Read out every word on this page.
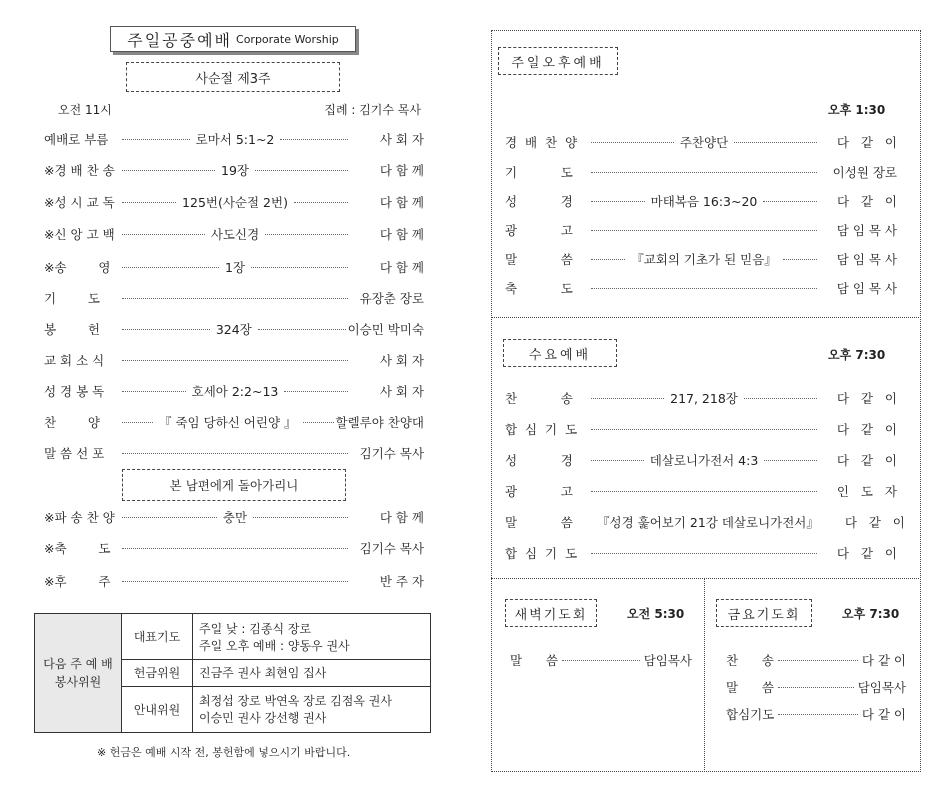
주일공중예배 Corporate Worship
사순절 제3주
오전 11시	집례 : 김기수 목사
예배로 부름	로마서 5:1~2	사 회 자
※경 배 찬 송	19장	다 함 께
※성 시 교 독	125번(사순절 2번)	다 함 께
※신 앙 고 백	사도신경	다 함 께
※송        영	1장	다 함 께
기        도	유장춘 장로
봉        헌	324장	이승민 박미숙
교 회 소 식	사 회 자
성 경 봉 독	호세아 2:2~13	사 회 자
찬        양	『 죽임 당하신 어린양 』	할렐루야 찬양대
말 씀 선 포	김기수 목사
본 남편에게 돌아가리니
※파 송 찬 양	충만	다 함 께
※축        도	김기수 목사
※후        주	반 주 자
다음 주 예 배 봉사위원	대표기도	주일 낮 : 김종식 장로
주일 오후 예배 : 양동우 권사

	헌금위원	진금주 권사 최현임 집사

	안내위원	최정섭 장로 박연옥 장로 김점옥 권사
이승민 권사 강선행 권사
※ 헌금은 예배 시작 전, 봉헌함에 넣으시기 바랍니다.
주일오후예배
오후 1:30
경  배  찬  양	주찬양단	다   같   이
기           도	이성원 장로
성           경	마태복음 16:3~20	다   같   이
광           고	담 임 목 사
말           씀	『교회의 기초가 된 믿음』	담 임 목 사
축           도	담 임 목 사
수요예배	오후 7:30
찬           송	217, 218장	다   같   이
합  심  기  도	다   같   이
성           경	데살로니가전서 4:3	다   같   이
광           고	인   도   자
말           씀	『성경 훑어보기 21강 데살로니가전서』	다   같   이
합  심  기  도	다   같   이
새벽기도회	오전 5:30
말      씀	담임목사
금요기도회	오후 7:30
찬      송	다 같 이
말      씀	담임목사
합심기도	다 같 이
